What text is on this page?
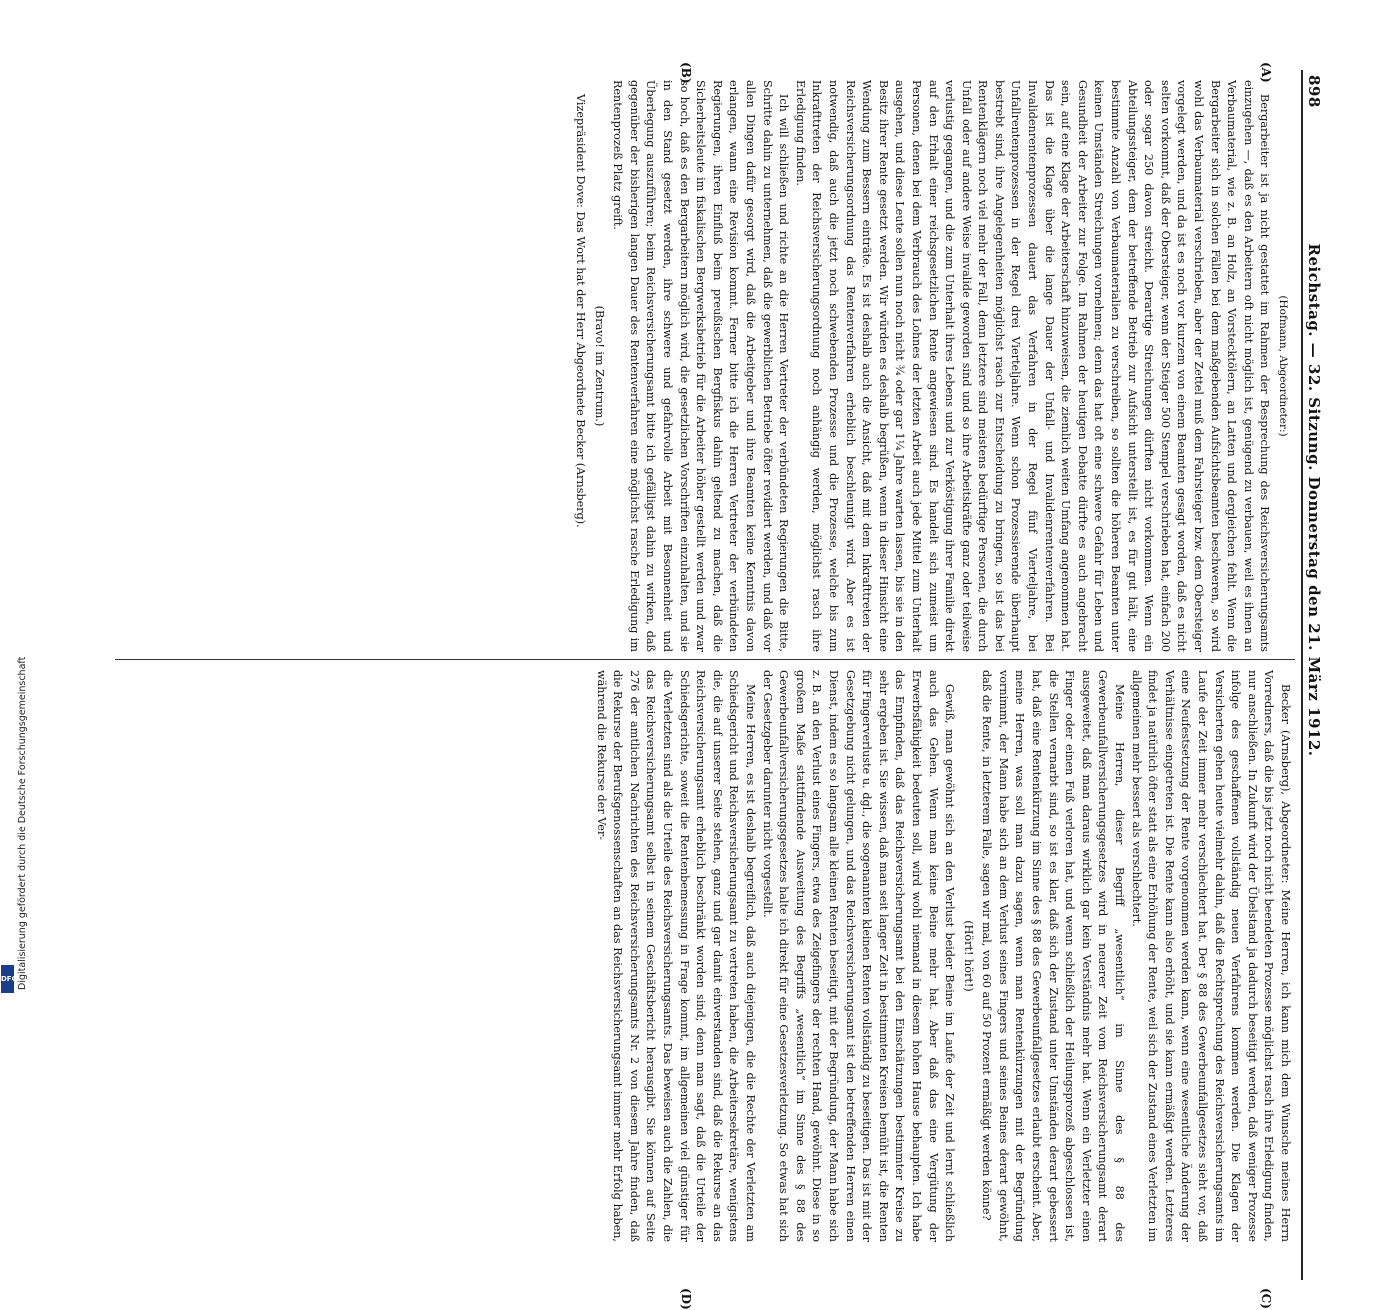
898
Reichstag. — 32. Sitzung. Donnerstag den 21. März 1912.
(A)
(B)
(C)
(D)

(Hofmann, Abgeordneter:)

Bergarbeiter ist ja nicht gestattet im Rahmen der Besprechung des Reichsversicherungsamts einzugehen —, daß es den Arbeitern oft nicht möglich ist, genügend zu verbauen, weil es ihnen an Verbaumaterial, wie z. B. an Holz, an Vorstecktölern, an Latten und dergleichen fehlt. Wenn die Bergarbeiter sich in solchen Fällen bei dem maßgebenden Aufsichtsbeamten beschweren, so wird wohl das Verbaumaterial verschrieben, aber der Zettel muß dem Fahrsteiger bzw. dem Obersteiger vorgelegt werden, und da ist es noch vor kurzem von einem Beamten gesagt worden, daß es nicht selten vorkommt, daß der Obersteiger, wenn der Steiger 500 Stempel verschrieben hat, einfach 200 oder sogar 250 davon streicht. Derartige Streichungen dürften nicht vorkommen. Wenn ein Abteilungssteiger, dem der betreffende Betrieb zur Aufsicht unterstellt ist, es für gut hält, eine bestimmte Anzahl von Verbaumaterialien zu verschreiben, so sollten die höheren Beamten unter keinen Umständen Streichungen vornehmen; denn das hat oft eine schwere Gefahr für Leben und Gesundheit der Arbeiter zur Folge. Im Rahmen der heutigen Debatte dürfte es auch angebracht sein, auf eine Klage der Arbeiterschaft hinzuweisen, die ziemlich weiten Umfang angenommen hat. Das ist die Klage über die lange Dauer der Unfall- und Invalidenrentenverfahren. Bei Invalidenrentenprozessen dauert das Verfahren in der Regel fünf Vierteljahre, bei Unfallrentenprozessen in der Regel drei Vierteljahre. Wenn schon Prozessierende überhaupt bestrebt sind, ihre Angelegenheiten möglichst rasch zur Entscheidung zu bringen, so ist das bei Rentenklägern noch viel mehr der Fall, denn letztere sind meistens bedürftige Personen, die durch Unfall oder auf andere Weise invalide geworden sind und so ihre Arbeitskräfte ganz oder teilweise verlustig gegangen, und die zum Unterhalt ihres Lebens und zur Verköstigung ihrer Familie direkt auf den Erhalt einer reichsgesetzlichen Rente angewiesen sind. Es handelt sich zumeist um Personen, denen bei dem Verbrauch des Lohnes der letzten Arbeit auch jede Mittel zum Unterhalt ausgehen, und diese Leute sollen nun noch nicht ¾ oder gar 1¼ Jahre warten lassen, bis sie in den Besitz ihrer Rente gesetzt werden. Wir würden es deshalb begrüßen, wenn in dieser Hinsicht eine Wendung zum Bessern einträte. Es ist deshalb auch die Ansicht, daß mit dem Inkrafttreten der Reichsversicherungsordnung das Rentenverfahren erheblich beschleunigt wird. Aber es ist notwendig, daß auch die jetzt noch schwebenden Prozesse und die Prozesse, welche bis zum Inkrafttreten der Reichsversicherungsordnung noch anhängig werden, möglichst rasch ihre Erledigung finden.

Ich will schließen und richte an die Herren Vertreter der verbündeten Regierungen die Bitte, Schritte dahin zu unternehmen, daß die gewerblichen Betriebe öfter revidiert werden, und daß vor allen Dingen dafür gesorgt wird, daß die Arbeitgeber und ihre Beamten keine Kenntnis davon erlangen, wann eine Revision kommt. Ferner bitte ich die Herren Vertreter der verbündeten Regierungen, ihren Einfluß beim preußischen Bergfiskus dahin geltend zu machen, daß die Sicherheitsleute im fiskalischen Bergwerksbetrieb für die Arbeiter höher gestellt werden und zwar so hoch, daß es den Bergarbeitern möglich wird, die gesetzlichen Vorschriften einzuhalten, und sie in den Stand gesetzt werden, ihre schwere und gefahrvolle Arbeit mit Besonnenheit und Überlegung auszuführen; beim Reichsversicherungsamt bitte ich gefälligst dahin zu wirken, daß gegenüber der bisherigen langen Dauer des Rentenverfahren eine möglichst rasche Erledigung im Rentenprozeß Platz greift.

(Bravo! im Zentrum.)

Vizepräsident Dove: Das Wort hat der Herr Abgeordnete Becker (Arnsberg).

Becker (Arnsberg), Abgeordneter: Meine Herren, ich kann mich dem Wunsche meines Herrn Vorredners, daß die bis jetzt noch nicht beendeten Prozesse möglichst rasch ihre Erledigung finden, nur anschließen. In Zukunft wird der Übelstand ja dadurch beseitigt werden, daß weniger Prozesse infolge des geschaffenen vollständig neuen Verfahrens kommen werden. Die Klagen der Versicherten gehen heute vielmehr dahin, daß die Rechtsprechung des Reichsversicherungsamts im Laufe der Zeit immer mehr verschlechtert hat. Der § 88 des Gewerbeunfallgesetzes sieht vor, daß eine Neufestsetzung der Rente vorgenommen werden kann, wenn eine wesentliche Änderung der Verhältnisse eingetreten ist. Die Rente kann also erhöht, und sie kann ermäßigt werden. Letzteres findet ja natürlich öfter statt als eine Erhöhung der Rente, weil sich der Zustand eines Verletzten im allgemeinen mehr bessert als verschlechtert.

Meine Herren, dieser Begriff „wesentlich“ im Sinne des § 88 des Gewerbeunfallversicherungsgesetzes wird in neuerer Zeit vom Reichsversicherungsamt derart ausgeweitet, daß man daraus wirklich gar kein Verständnis mehr hat. Wenn ein Verletzter einen Finger oder einen Fuß verloren hat, und wenn schließlich der Heilungsprozeß abgeschlossen ist, die Stellen vernarbt sind, so ist es klar, daß sich der Zustand unter Umständen derart gebessert hat, daß eine Rentenkürzung im Sinne des § 88 des Gewerbeunfallgesetzes erlaubt erscheint. Aber, meine Herren, was soll man dazu sagen, wenn man Rentenkürzungen mit der Begründung vornimmt, der Mann habe sich an dem Verlust seines Fingers und seines Beines derart gewöhnt, daß die Rente, in letzterem Falle, sagen wir mal, von 60 auf 50 Prozent ermäßigt werden könne?

(Hört! hört!)

Gewiß, man gewöhnt sich an den Verlust beider Beine im Laufe der Zeit und lernt schließlich auch das Gehen. Wenn man keine Beine mehr hat. Aber daß das eine Vergütung der Erwerbsfähigkeit bedeuten soll, wird wohl niemand in diesem hohen Hause behaupten. Ich habe das Empfinden, daß das Reichsversicherungsamt bei den Einschätzungen bestimmter Kreise zu sehr ergeben ist. Sie wissen, daß man seit langer Zeit in bestimmten Kreisen bemüht ist, die Renten für Fingerverluste u. dgl., die sogenannten kleinen Renten vollständig zu beseitigen. Das ist mit der Gesetzgebung nicht gelungen, und das Reichsversicherungsamt ist den betreffenden Herren einen Dienst, indem es so langsam alle kleinen Renten beseitigt, mit der Begründung, der Mann habe sich z. B. an den Verlust eines Fingers, etwa des Zeigefingers der rechten Hand, gewöhnt. Diese in so großem Maße stattfindende Ausweitung des Begriffs „wesentlich“ im Sinne des § 88 des Gewerbeunfallversicherungsgesetzes halte ich direkt für eine Gesetzesverletzung. So etwas hat sich der Gesetzgeber darunter nicht vorgestellt.

Meine Herren, es ist deshalb begreiflich, daß auch diejenigen, die die Rechte der Verletzten am Schiedsgericht und Reichsversicherungsamt zu vertreten haben, die Arbeitersekretäre, wenigstens die, die auf unserer Seite stehen, ganz und gar damit einverstanden sind, daß die Rekurse an das Reichsversicherungsamt erheblich beschränkt worden sind; denn man sagt, daß die Urteile der Schiedsgerichte, soweit die Rentenbemessung in Frage kommt, im allgemeinen viel günstiger für die Verletzten sind als die Urteile des Reichsversicherungsamts. Das beweisen auch die Zahlen, die das Reichsversicherungsamt selbst in seinem Geschäftsbericht herausgibt. Sie können auf Seite 276 der amtlichen Nachrichten des Reichsversicherungsamts Nr. 2 von diesem Jahre finden, daß die Rekurse der Berufsgenossenschaften an das Reichsversicherungsamt immer mehr Erfolg haben, während die Rekurse der Ver-

Digitalisierung gefördert durch die Deutsche Forschungsgemeinschaft
DFG
